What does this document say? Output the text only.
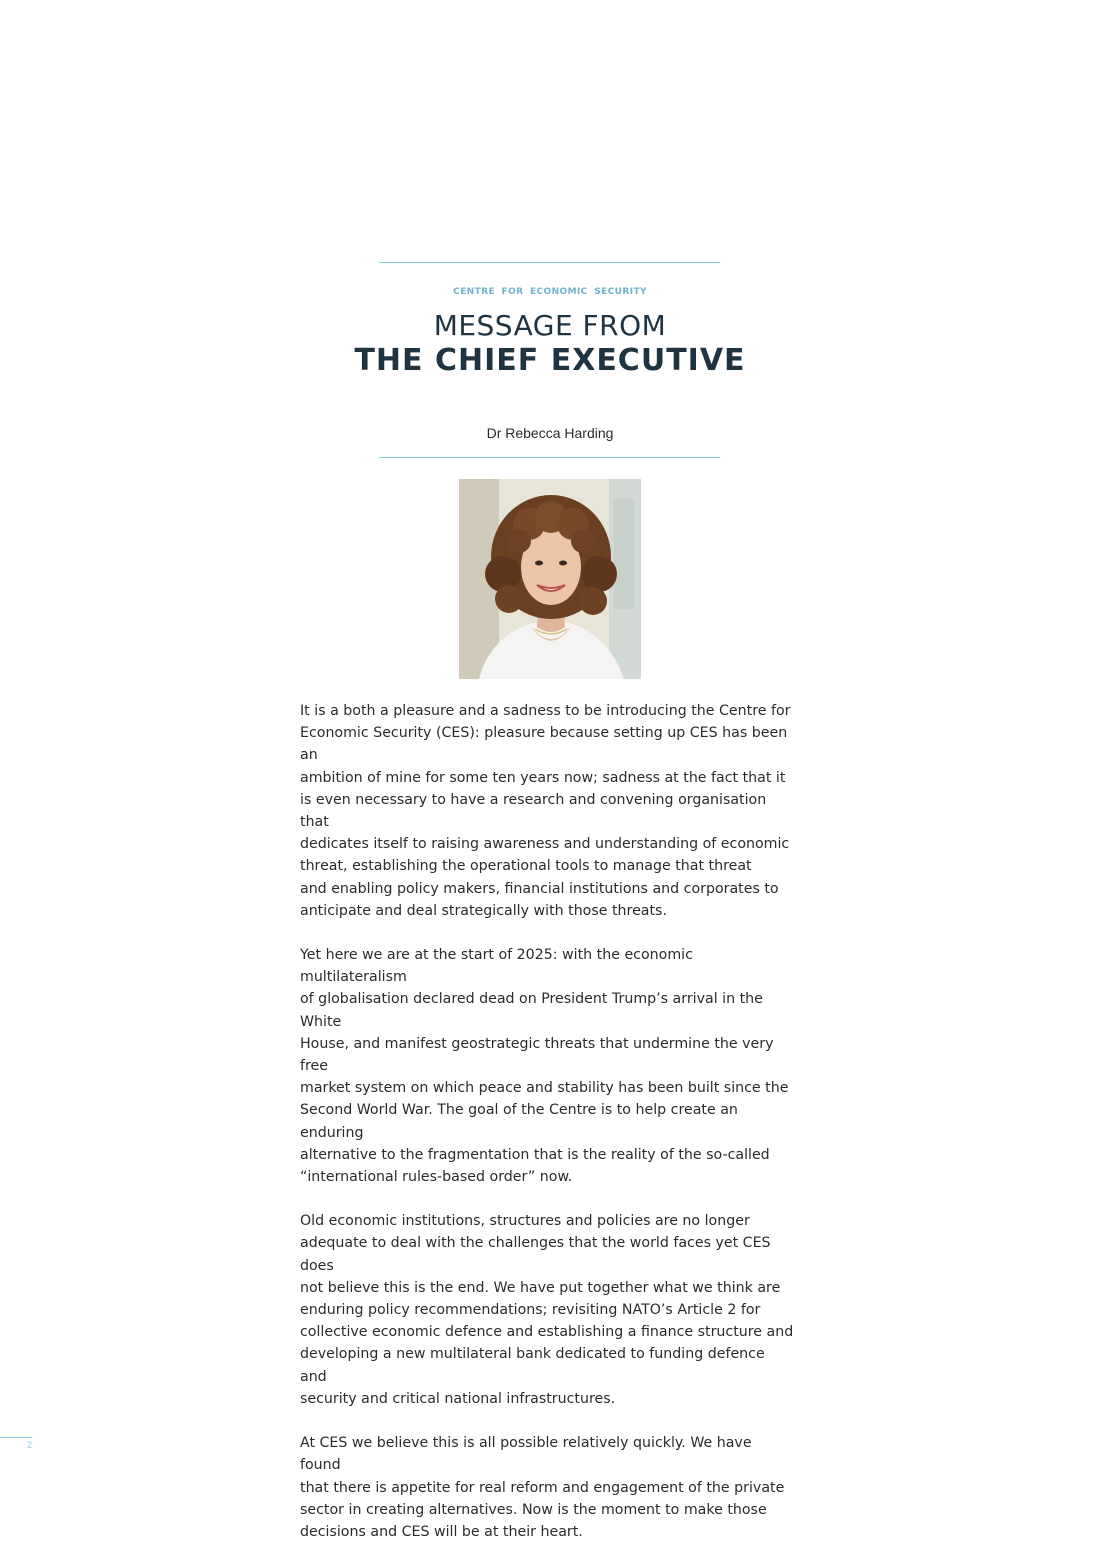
CENTRE FOR ECONOMIC SECURITY
MESSAGE FROM
THE CHIEF EXECUTIVE
Dr Rebecca Harding

It is a both a pleasure and a sadness to be introducing the Centre for
Economic Security (CES): pleasure because setting up CES has been an
ambition of mine for some ten years now; sadness at the fact that it
is even necessary to have a research and convening organisation that
dedicates itself to raising awareness and understanding of economic
threat, establishing the operational tools to manage that threat
and enabling policy makers, financial institutions and corporates to
anticipate and deal strategically with those threats.

Yet here we are at the start of 2025: with the economic multilateralism
of globalisation declared dead on President Trump’s arrival in the White
House, and manifest geostrategic threats that undermine the very free
market system on which peace and stability has been built since the
Second World War. The goal of the Centre is to help create an enduring
alternative to the fragmentation that is the reality of the so-called
“international rules-based order” now.

Old economic institutions, structures and policies are no longer
adequate to deal with the challenges that the world faces yet CES does
not believe this is the end. We have put together what we think are
enduring policy recommendations; revisiting NATO’s Article 2 for
collective economic defence and establishing a finance structure and
developing a new multilateral bank dedicated to funding defence and
security and critical national infrastructures.

At CES we believe this is all possible relatively quickly. We have found
that there is appetite for real reform and engagement of the private
sector in creating alternatives. Now is the moment to make those
decisions and CES will be at their heart.

2
